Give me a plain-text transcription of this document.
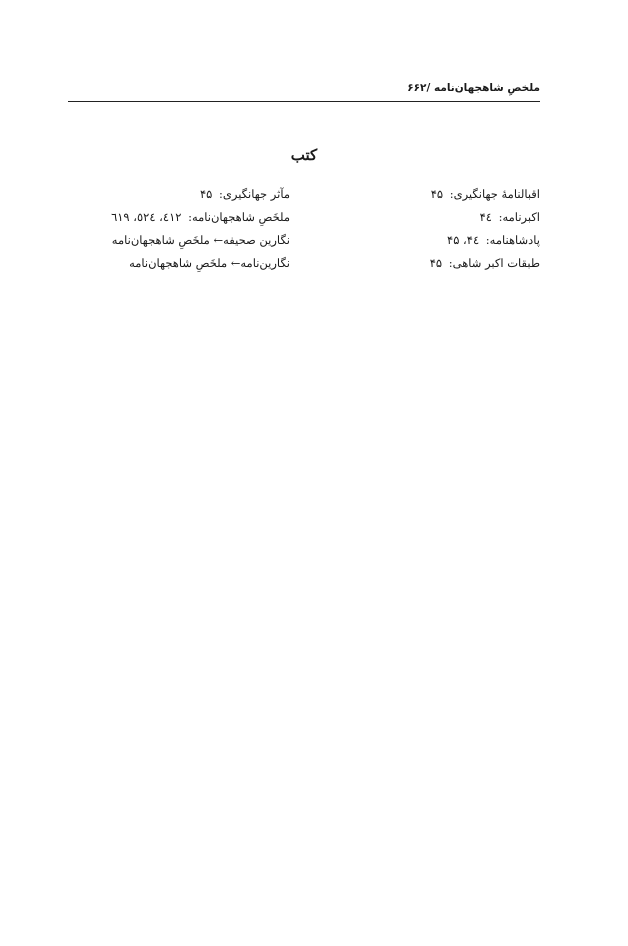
ملخصِ شاهجهان‌نامه /۶۶۲
کتب
اقبالنامهٔ جهانگیری: ۴۵
اکبرنامه: ۴٤
پادشاهنامه: ۴٤، ۴۵
طبقات اکبر شاهی: ۴۵
مآثر جهانگیری: ۴۵
ملخَصِ شاهجهان‌نامه: ٤١٢، ٥٢٤، ٦١٩
نگارین صحیفه← ملخَصِ شاهجهان‌نامه
نگارین‌نامه← ملخَصِ شاهجهان‌نامه
